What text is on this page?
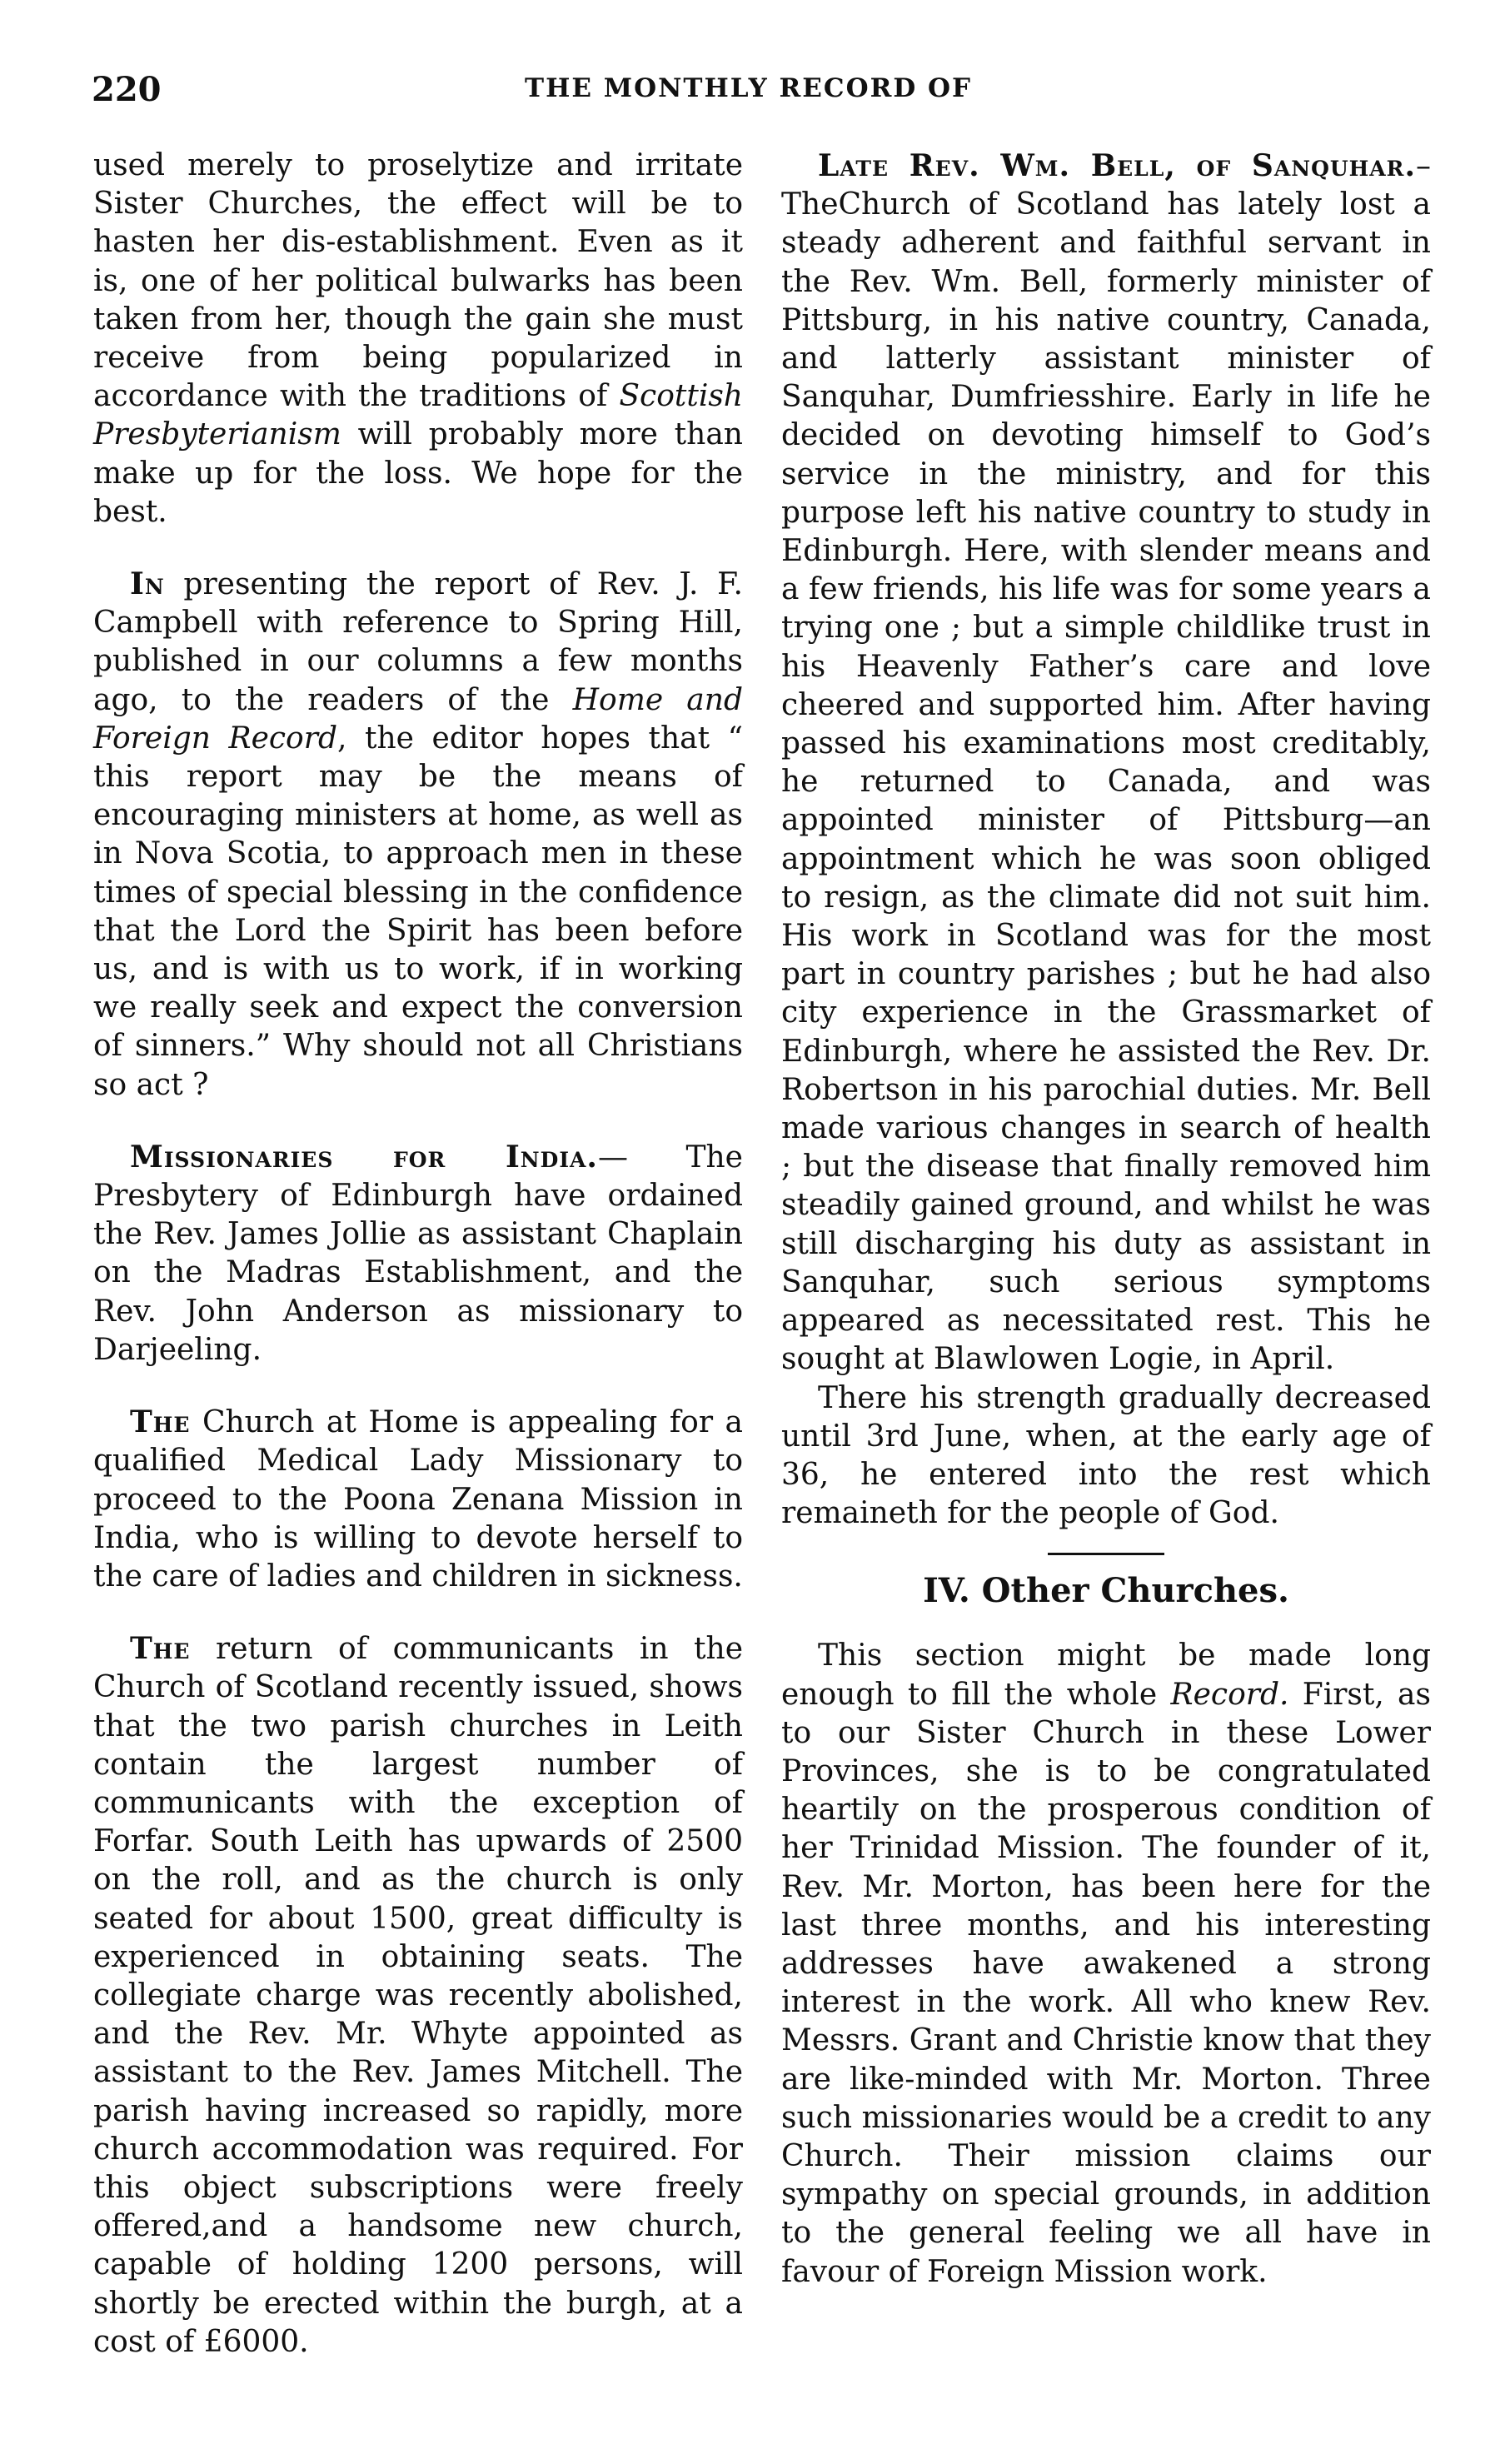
220	THE MONTHLY RECORD OF

used merely to proselytize and irritate Sister Churches, the effect will be to hasten her dis-establishment. Even as it is, one of her political bulwarks has been taken from her, though the gain she must receive from being popularized in accordance with the traditions of Scottish Presbyterianism will probably more than make up for the loss. We hope for the best.

In presenting the report of Rev. J. F. Campbell with reference to Spring Hill, published in our columns a few months ago, to the readers of the Home and Foreign Record, the editor hopes that “ this report may be the means of encouraging ministers at home, as well as in Nova Scotia, to approach men in these times of special blessing in the confidence that the Lord the Spirit has been before us, and is with us to work, if in working we really seek and expect the conversion of sinners.” Why should not all Christians so act ?

Missionaries for India.— The Presbytery of Edinburgh have ordained the Rev. James Jollie as assistant Chaplain on the Madras Establishment, and the Rev. John Anderson as missionary to Darjeeling.

The Church at Home is appealing for a qualified Medical Lady Missionary to proceed to the Poona Zenana Mission in India, who is willing to devote herself to the care of ladies and children in sickness.

The return of communicants in the Church of Scotland recently issued, shows that the two parish churches in Leith contain the largest number of communicants with the exception of Forfar. South Leith has upwards of 2500 on the roll, and as the church is only seated for about 1500, great difficulty is experienced in obtaining seats. The collegiate charge was recently abolished, and the Rev. Mr. Whyte appointed as assistant to the Rev. James Mitchell. The parish having increased so rapidly, more church accommodation was required. For this object subscriptions were freely offered,and a handsome new church, capable of holding 1200 persons, will shortly be erected within the burgh, at a cost of £6000.

Late Rev. Wm. Bell, of Sanquhar.–TheChurch of Scotland has lately lost a steady adherent and faithful servant in the Rev. Wm. Bell, formerly minister of Pittsburg, in his native country, Canada, and latterly assistant minister of Sanquhar, Dumfriesshire. Early in life he decided on devoting himself to God’s service in the ministry, and for this purpose left his native country to study in Edinburgh. Here, with slender means and a few friends, his life was for some years a trying one ; but a simple childlike trust in his Heavenly Father’s care and love cheered and supported him. After having passed his examinations most creditably, he returned to Canada, and was appointed minister of Pittsburg—an appointment which he was soon obliged to resign, as the climate did not suit him. His work in Scotland was for the most part in country parishes ; but he had also city experience in the Grassmarket of Edinburgh, where he assisted the Rev. Dr. Robertson in his parochial duties. Mr. Bell made various changes in search of health ; but the disease that finally removed him steadily gained ground, and whilst he was still discharging his duty as assistant in Sanquhar, such serious symptoms appeared as necessitated rest. This he sought at Blawlowen Logie, in April.

There his strength gradually decreased until 3rd June, when, at the early age of 36, he entered into the rest which remaineth for the people of God.

IV. Other Churches.

This section might be made long enough to fill the whole Record. First, as to our Sister Church in these Lower Provinces, she is to be congratulated heartily on the prosperous condition of her Trinidad Mission. The founder of it, Rev. Mr. Morton, has been here for the last three months, and his interesting addresses have awakened a strong interest in the work. All who knew Rev. Messrs. Grant and Christie know that they are like-minded with Mr. Morton. Three such missionaries would be a credit to any Church. Their mission claims our sympathy on special grounds, in addition to the general feeling we all have in favour of Foreign Mission work.
